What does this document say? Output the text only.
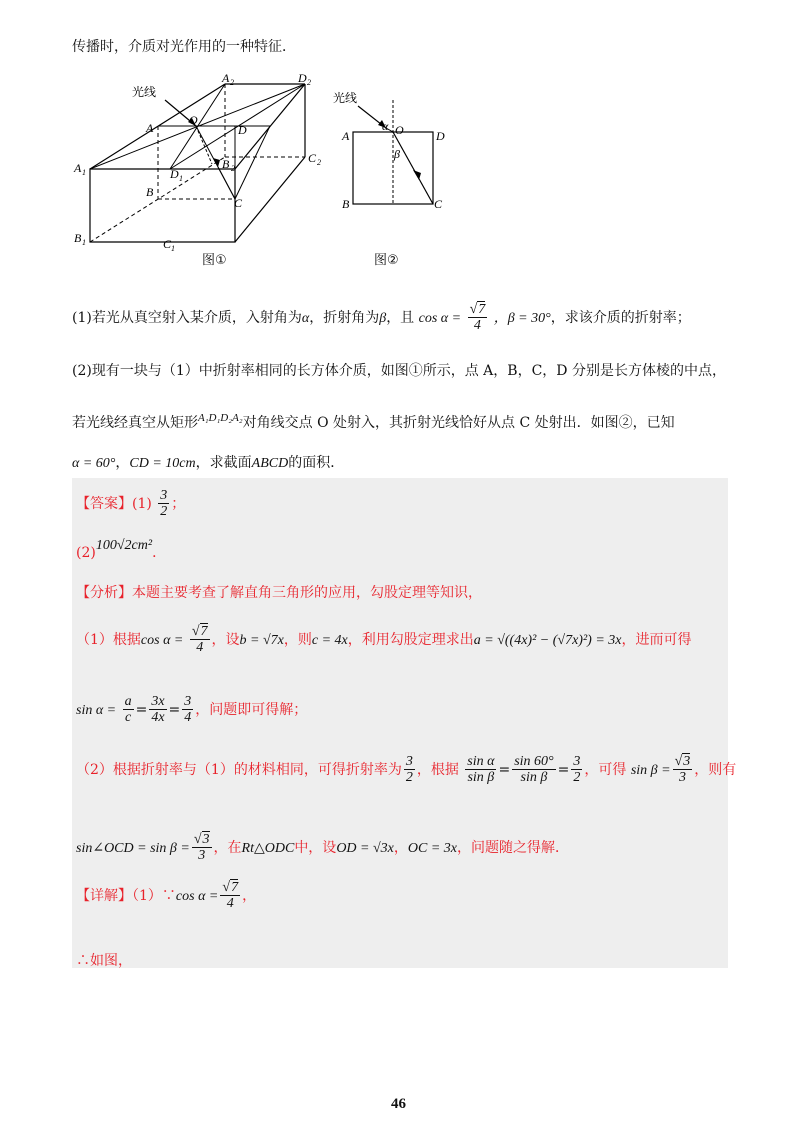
传播时，介质对光作用的一种特征．
光线
A
A 2	D 2
O
D
A 1	D 1
B 2
C 2
B
C
B 1	C 1
图①
光线
A
α O	D
β
B	C
图②
(1)若光从真空射入某介质，入射角为α，折射角为β，且 $\cos \alpha = \frac{√7}{4}$ ，β = 30°，求该介质的折射率；
(2)现有一块与（1）中折射率相同的长方体介质，如图①所示，点 A，B，C，D 分别是长方体棱的中点，
若光线经真空从矩形$^{A_1D_1D_2A_2}$对角线交点 O 处射入，其折射光线恰好从点 C 处射出．如图②，已知
α = 60°，CD = 10cm，求截面ABCD的面积．
【答案】$(1) \frac{3}{2}$ ；
(2)100√2cm²．
【分析】本题主要考查了解直角三角形的应用，勾股定理等知识，
（1）根据$\cos \alpha = \frac{√7}{4}$ ，设b = √7x，则c = 4x，利用勾股定理求出a = √((4x)² − (√7x)²) = 3x，进而可得
$\sin \alpha = \frac{a}{c} = \frac{3x}{4x} = \frac{3}{4}$ ，问题即可得解；
（2）根据折射率与（1）的材料相同，可得折射率为 $\frac{3}{2}$ ，根据 $\frac{\text{sin α}}{\text{sin β}} = \frac{\sin 60^\circ}{\text{sin β}} = \frac{3}{2}$ ，可得 $\sin \beta = \frac{√3}{3}$ ，则有
sin∠OCD = $\sin \beta = \frac{√3}{3}$ ，在Rt△ODC中，设OD = √3x，OC = 3x，问题随之得解．
【详解】（1）∵cos $\alpha = \frac{√7}{4}$ ，
∴如图，
46
